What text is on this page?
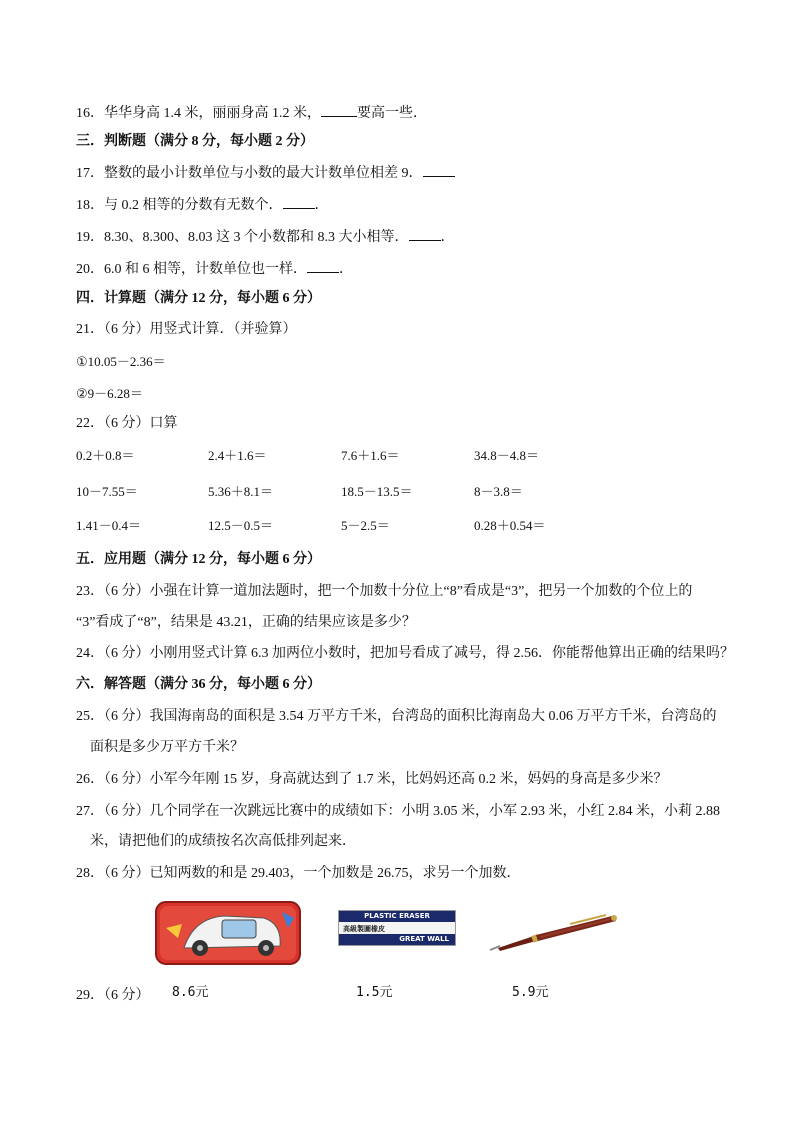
16．华华身高 1.4 米，丽丽身高 1.2 米，	要高一些．
三．判断题（满分 8 分，每小题 2 分）
17．整数的最小计数单位与小数的最大计数单位相差 9．
18．与 0.2 相等的分数有无数个． ．
19．8.30、8.300、8.03 这 3 个小数都和 8.3 大小相等． ．
20．6.0 和 6 相等，计数单位也一样． ．
四．计算题（满分 12 分，每小题 6 分）
21．（6 分）用竖式计算．（并验算）
①10.05－2.36＝
②9－6.28＝
22．（6 分）口算
0.2＋0.8＝	2.4＋1.6＝	7.6＋1.6＝	34.8－4.8＝
10－7.55＝	5.36＋8.1＝	18.5－13.5＝	8－3.8＝
1.41－0.4＝	12.5－0.5＝	5－2.5＝	0.28＋0.54＝
五．应用题（满分 12 分，每小题 6 分）
23．（6 分）小强在计算一道加法题时，把一个加数十分位上“8”看成是“3”，把另一个加数的个位上的
“3”看成了“8”，结果是 43.21，正确的结果应该是多少？
24．（6 分）小刚用竖式计算 6.3 加两位小数时，把加号看成了减号，得 2.56．你能帮他算出正确的结果吗？
六．解答题（满分 36 分，每小题 6 分）
25．（6 分）我国海南岛的面积是 3.54 万平方千米，台湾岛的面积比海南岛大 0.06 万平方千米，台湾岛的
面积是多少万平方千米？
26．（6 分）小军今年刚 15 岁，身高就达到了 1.7 米，比妈妈还高 0.2 米，妈妈的身高是多少米？
27．（6 分）几个同学在一次跳远比赛中的成绩如下：小明 3.05 米，小军 2.93 米，小红 2.84 米，小莉 2.88
米，请把他们的成绩按名次高低排列起来．
28．（6 分）已知两数的和是 29.403，一个加数是 26.75，求另一个加数．
PLASTIC ERASER
高級製圖橡皮
GREAT WALL
29．（6 分） 8.6元	1.5元	5.9元
